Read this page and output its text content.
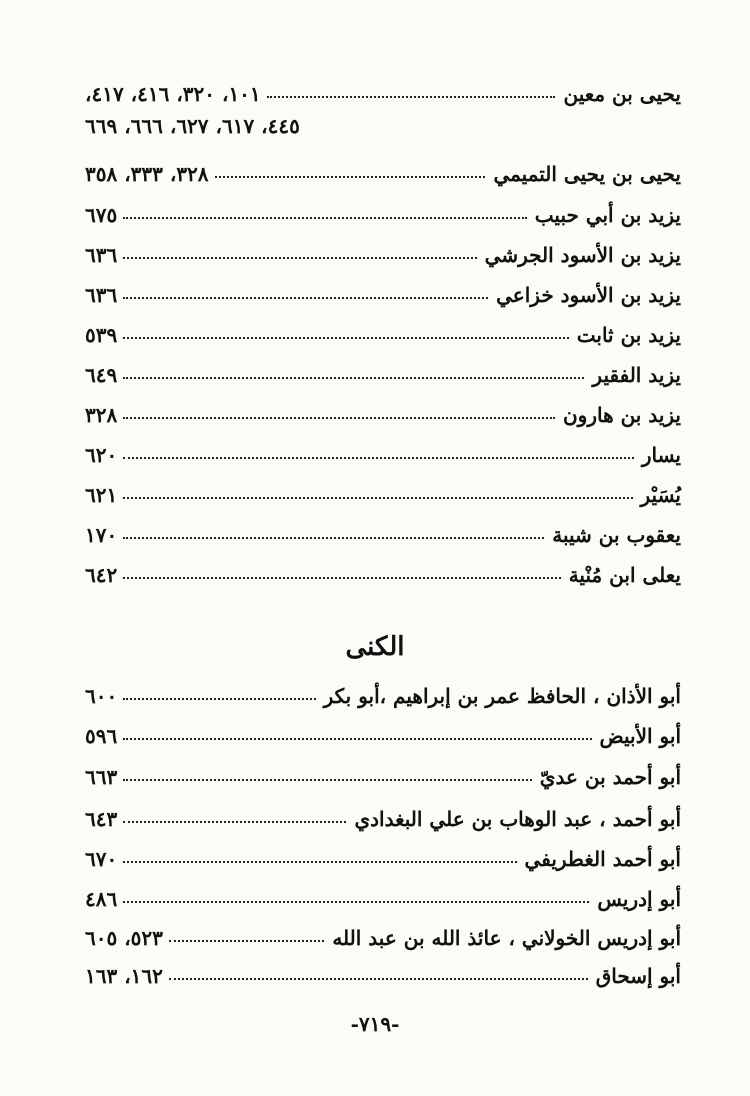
يحيى بن معين
١٠١، ٣٢٠، ٤١٦، ٤١٧،
٤٤٥، ٦١٧، ٦٢٧، ٦٦٦، ٦٦٩
يحيى بن يحيى التميمي
٣٢٨، ٣٣٣، ٣٥٨
يزيد بن أبي حبيب
٦٧٥
يزيد بن الأسود الجرشي
٦٣٦
يزيد بن الأسود خزاعي
٦٣٦
يزيد بن ثابت
٥٣٩
يزيد الفقير
٦٤٩
يزيد بن هارون
٣٢٨
يسار
٦٢٠
يُسَيْر
٦٢١
يعقوب بن شيبة
١٧٠
يعلى ابن مُنْية
٦٤٢
الكنى
أبو الأذان ، الحافظ عمر بن إبراهيم ،أبو بكر
٦٠٠
أبو الأبيض
٥٩٦
أبو أحمد بن عديّ
٦٦٣
أبو أحمد ، عبد الوهاب بن علي البغدادي
٦٤٣
أبو أحمد الغطريفي
٦٧٠
أبو إدريس
٤٨٦
أبو إدريس الخولاني ، عائذ الله بن عبد الله
٥٢٣، ٦٠٥
أبو إسحاق
١٦٢، ١٦٣
-٧١٩-
